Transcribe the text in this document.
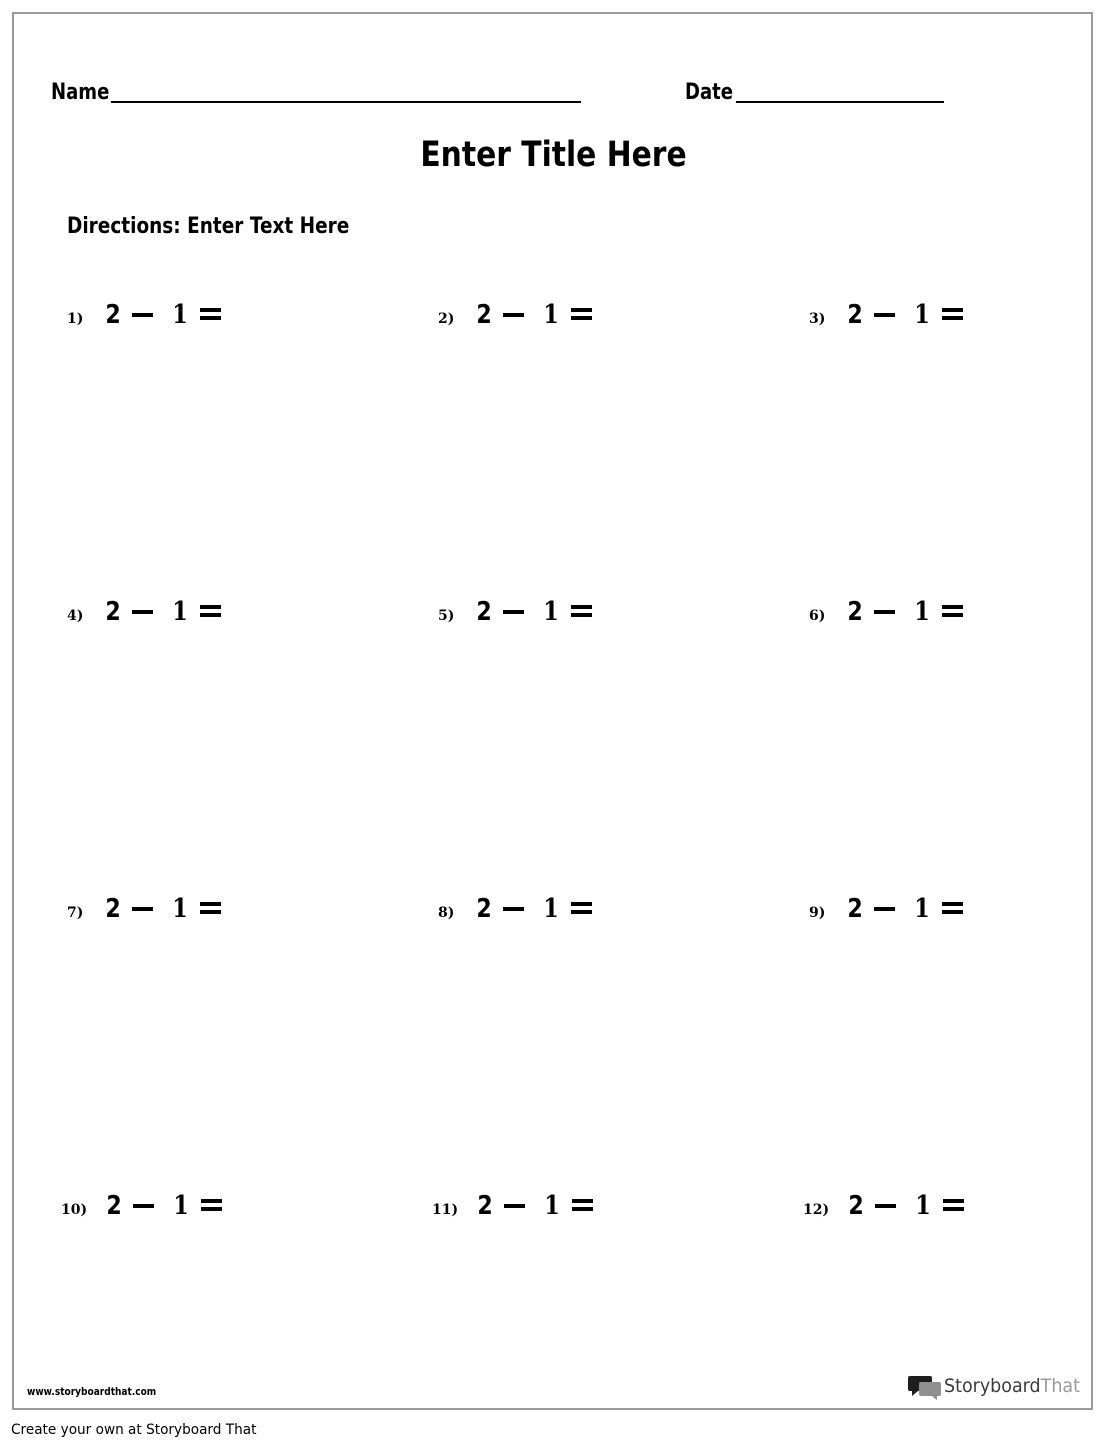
Name	Date
Enter Title Here
Directions: Enter Text Here
1) 2 1	2) 2 1	3) 2 1
4) 2 1	5) 2 1	6) 2 1
7) 2 1	8) 2 1	9) 2 1
10) 2 1	11) 2 1	12) 2 1
www.storyboardthat.com	StoryboardThat
Create your own at Storyboard That
